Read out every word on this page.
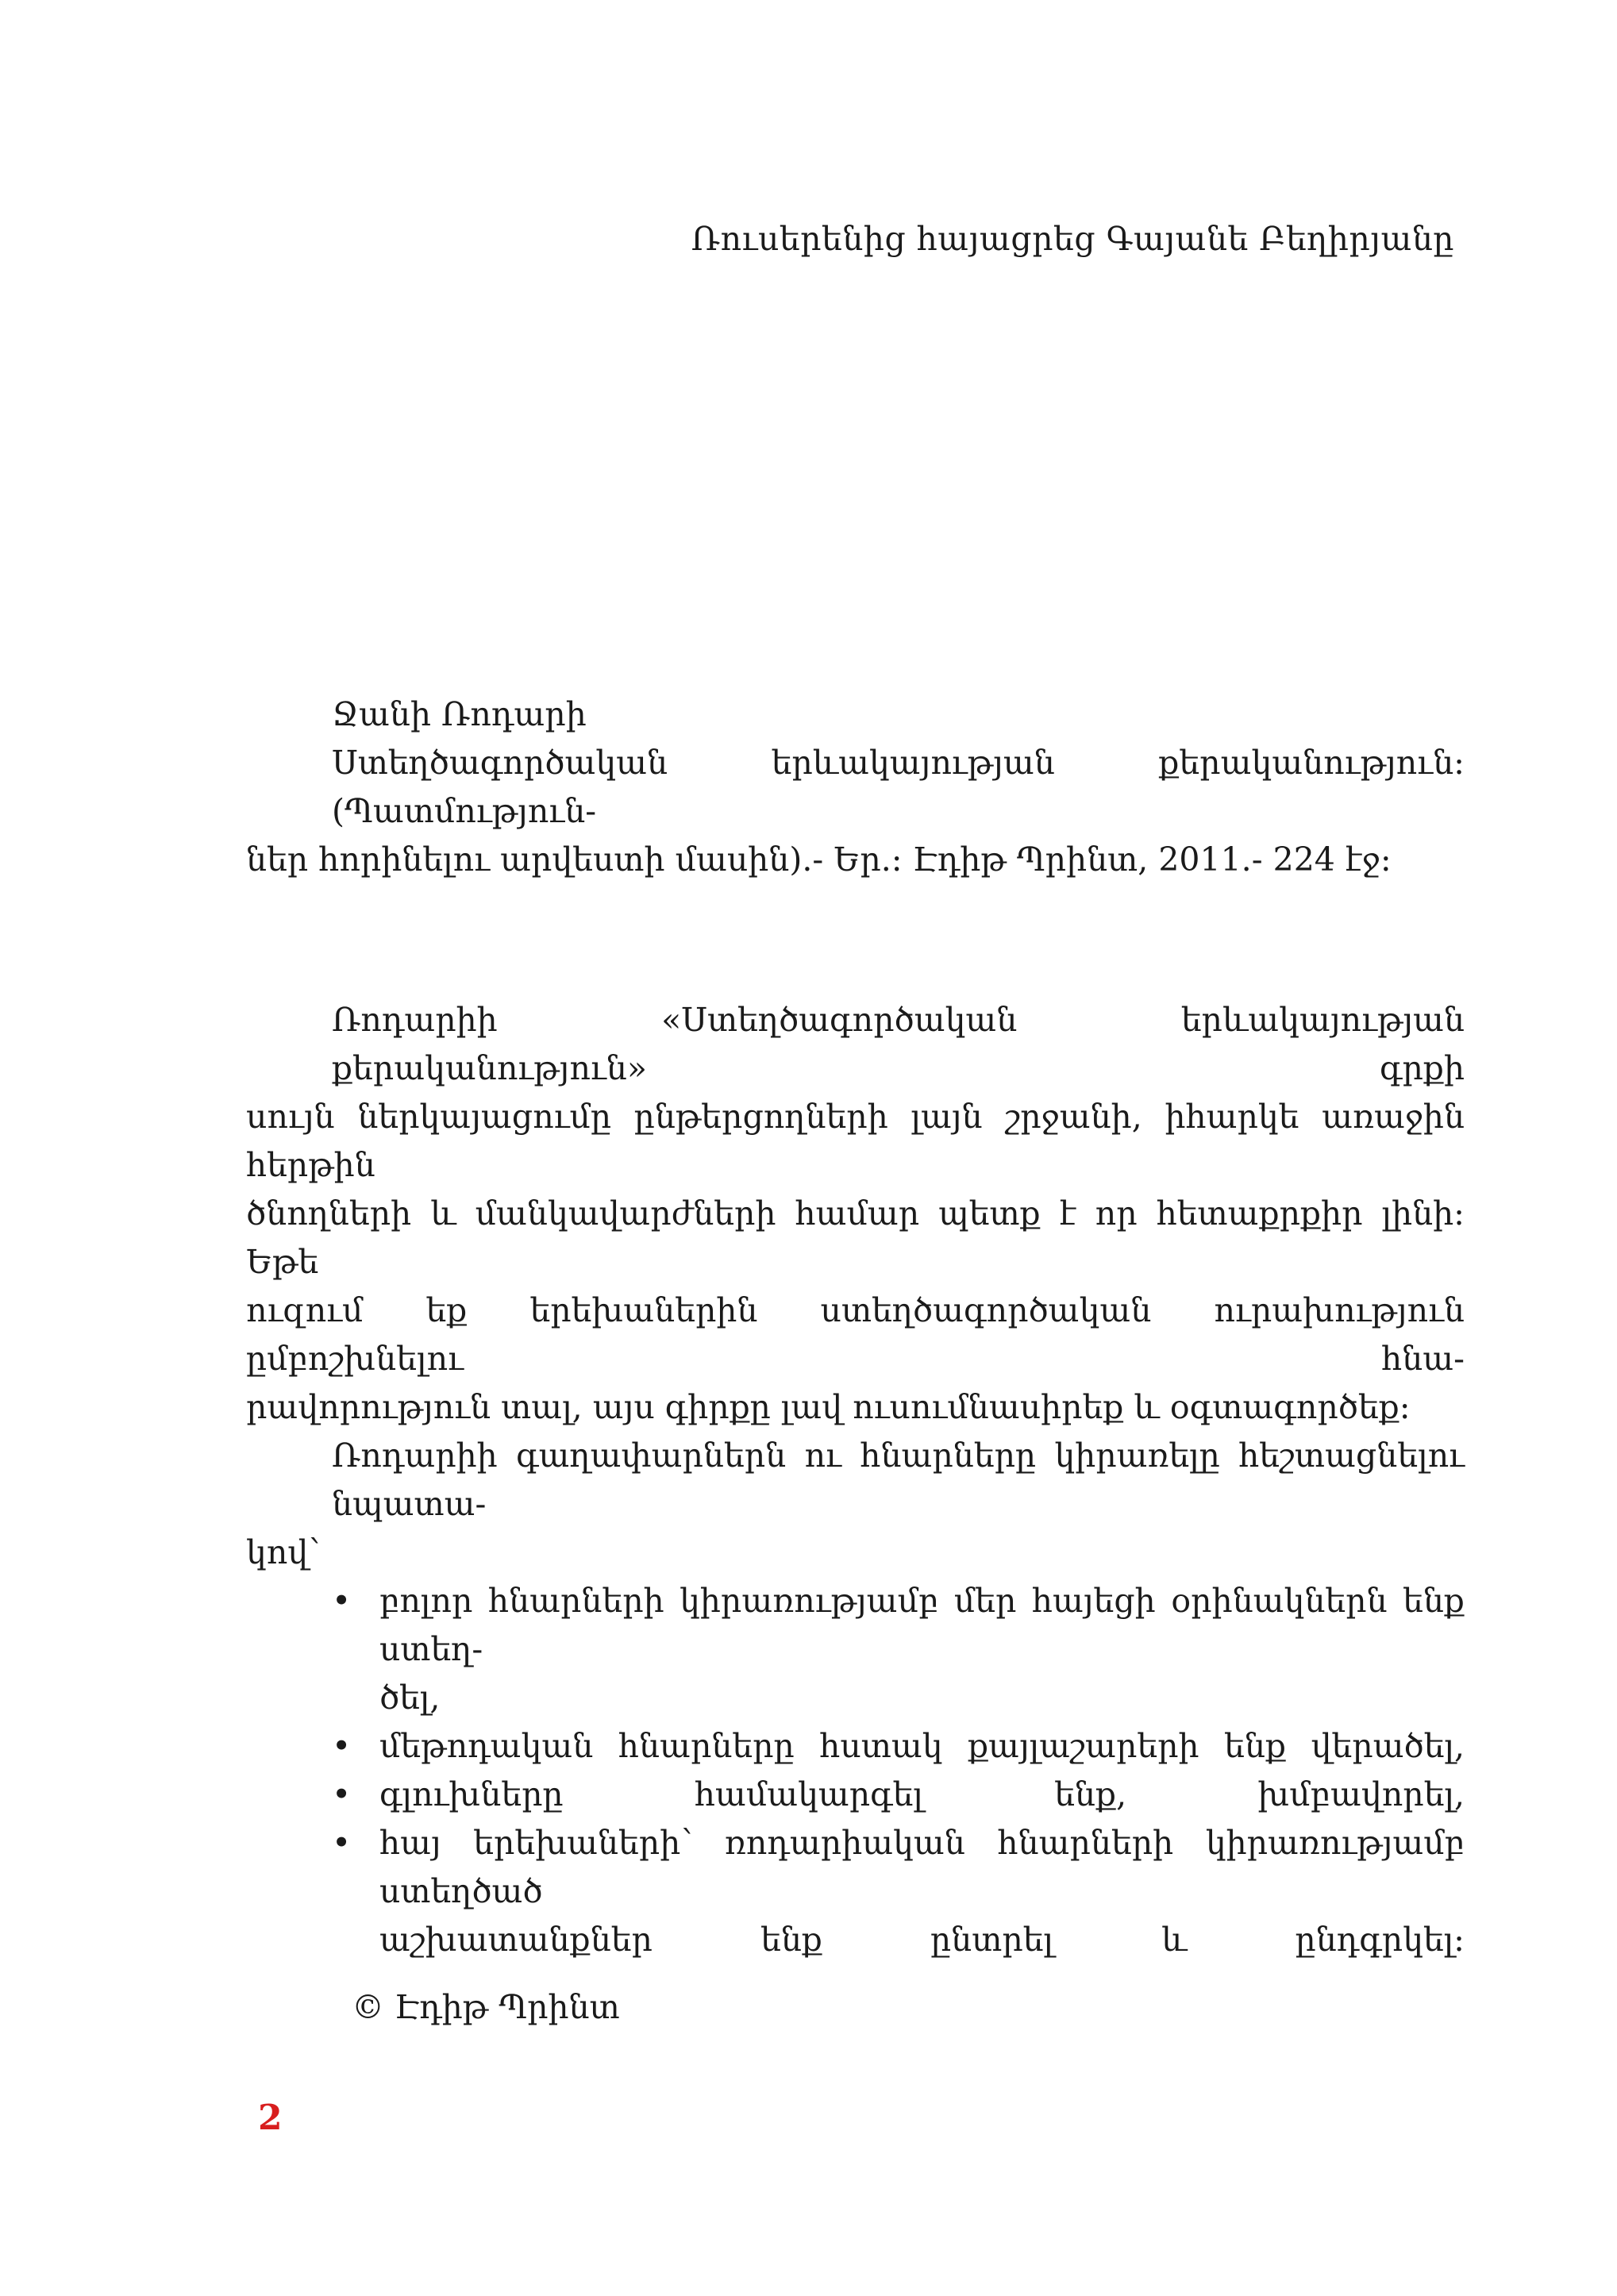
Ռուսերենից հայացրեց Գայանե Բեղիրյանը
Ջանի Ռոդարի
Ստեղծագործական երևակայության քերականություն: (Պատմություն-
ներ հորինելու արվեստի մասին).- Եր.: Էդիթ Պրինտ, 2011.- 224 էջ:
Ռոդարիի «Ստեղծագործական երևակայության քերականություն» գրքի
սույն ներկայացումը ընթերցողների լայն շրջանի, իհարկե առաջին հերթին
ծնողների և մանկավարժների համար պետք է որ հետաքրքիր լինի: Եթե
ուզում եք երեխաներին ստեղծագործական ուրախություն ըմբոշխնելու հնա-
րավորություն տալ, այս գիրքը լավ ուսումնասիրեք և օգտագործեք:
Ռոդարիի գաղափարներն ու հնարները կիրառելը հեշտացնելու նպատա-
կով՝
• բոլոր հնարների կիրառությամբ մեր հայեցի օրինակներն ենք ստեղ-
ծել,
• մեթոդական հնարները հստակ քայլաշարերի ենք վերածել,
• գլուխները համակարգել ենք, խմբավորել,
• հայ երեխաների՝ ռոդարիական հնարների կիրառությամբ ստեղծած
աշխատանքներ ենք ընտրել և ընդգրկել:
© Էդիթ Պրինտ
2
